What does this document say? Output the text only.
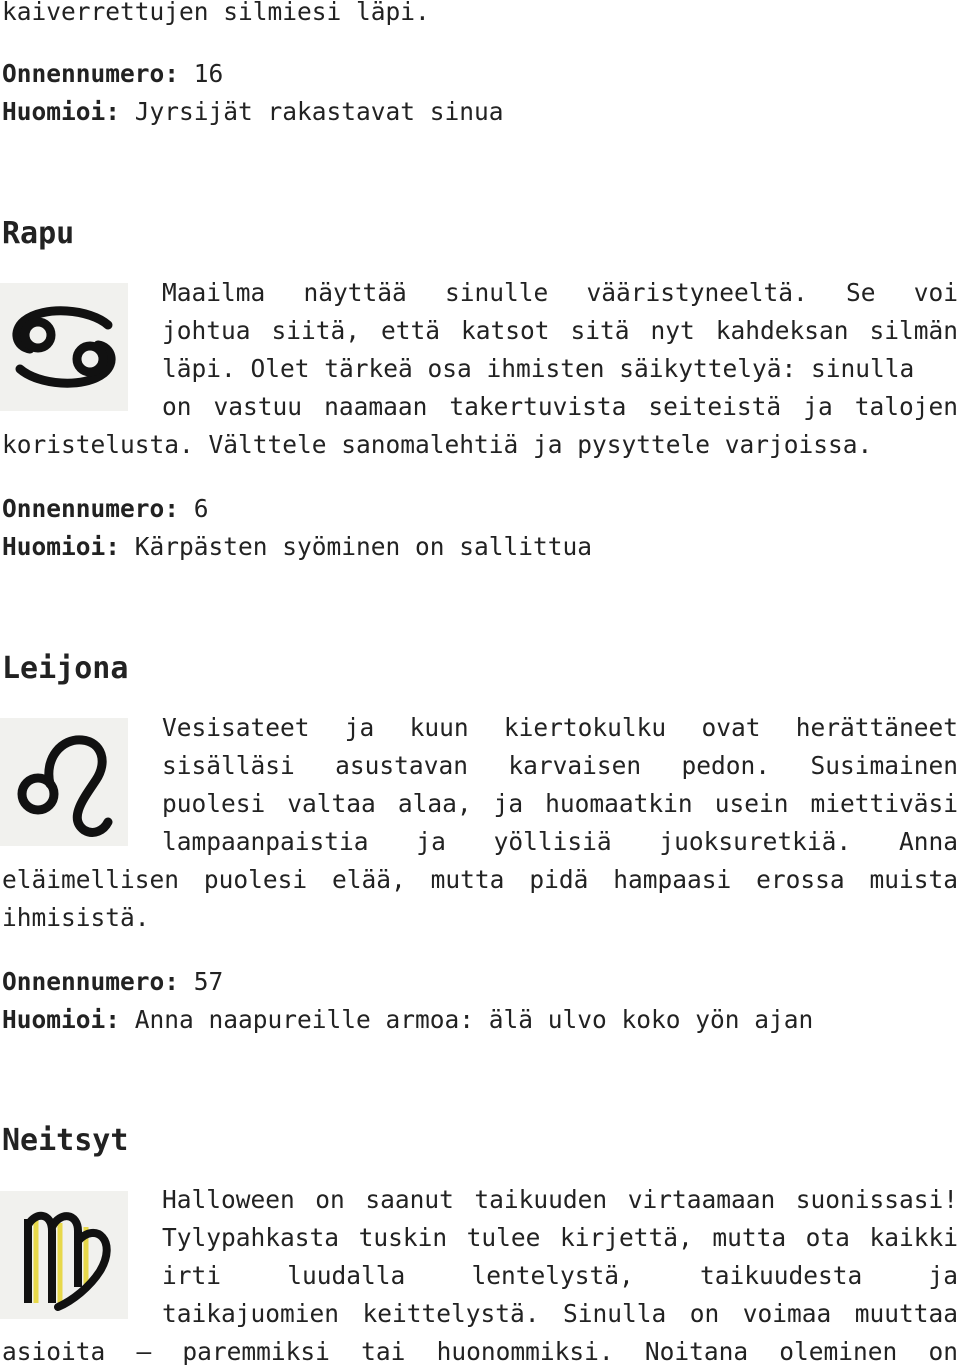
kaiverrettujen silmiesi läpi.
Onnennumero: 16
Huomioi: Jyrsijät rakastavat sinua
Rapu
Maailma näyttää sinulle vääristyneeltä. Se voi
johtua siitä, että katsot sitä nyt kahdeksan silmän
läpi. Olet tärkeä osa ihmisten säikyttelyä: sinulla
on vastuu naamaan takertuvista seiteistä ja talojen
koristelusta. Välttele sanomalehtiä ja pysyttele varjoissa.
Onnennumero: 6
Huomioi: Kärpästen syöminen on sallittua
Leijona
Vesisateet ja kuun kiertokulku ovat herättäneet
sisälläsi asustavan karvaisen pedon. Susimainen
puolesi valtaa alaa, ja huomaatkin usein miettiväsi
lampaanpaistia ja yöllisiä juoksuretkiä. Anna
eläimellisen puolesi elää, mutta pidä hampaasi erossa muista
ihmisistä.
Onnennumero: 57
Huomioi: Anna naapureille armoa: älä ulvo koko yön ajan
Neitsyt
Halloween on saanut taikuuden virtaamaan suonissasi!
Tylypahkasta tuskin tulee kirjettä, mutta ota kaikki
irti luudalla lentelystä, taikuudesta ja
taikajuomien keittelystä. Sinulla on voimaa muuttaa
asioita – paremmiksi tai huonommiksi. Noitana oleminen on
